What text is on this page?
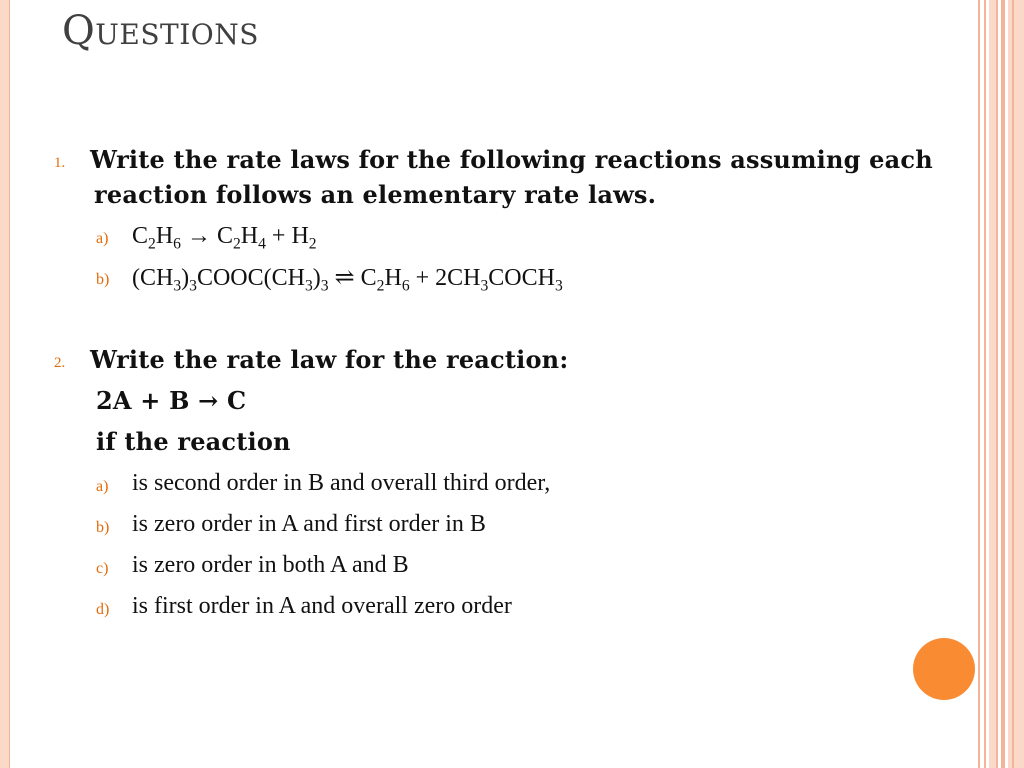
Questions
1. Write the rate laws for the following reactions assuming each
reaction follows an elementary rate laws.
a) $C_2H_6 \to C_2H_4 + H_2$
b) $(CH_3)_3COOC(CH_3)_3$ ⇌ $C_2H_6$ + $2CH_3COCH_3$
2. Write the rate law for the reaction:
2A + B → C
if the reaction
a) is second order in B and overall third order,
b) is zero order in A and first order in B
c) is zero order in both A and B
d) is first order in A and overall zero order
